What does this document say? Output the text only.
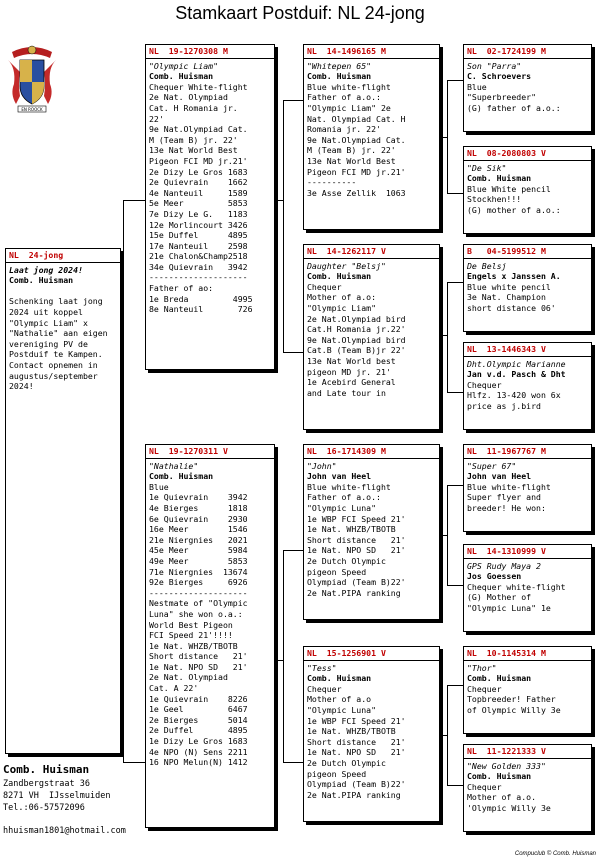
Stamkaart Postduif: NL 24-jong
EN ROOCK
NL  24-jong
Laat jong 2024!
Comb. Huisman

Schenking laat jong
2024 uit koppel
"Olympic Liam" x
"Nathalie" aan eigen
vereniging PV de
Postduif te Kampen.
Contact opnemen in
augustus/september
2024!
NL  19-1270308 M
"Olympic Liam"
Comb. Huisman
Chequer White-flight
2e Nat. Olympiad
Cat. H Romania jr.
22'
9e Nat.Olympiad Cat.
M (Team B) jr. 22'
13e Nat World Best
Pigeon FCI MD jr.21'
2e Dizy Le Gros 1683
2e Quievrain    1662
4e Nanteuil     1589
5e Meer         5853
7e Dizy Le G.   1183
12e Morlincourt 3426
15e Duffel      4895
17e Nanteuil    2598
21e Chalon&Champ2518
34e Quievrain   3942
--------------------
Father of ao:
1e Breda         4995
8e Nanteuil       726
NL  19-1270311 V
"Nathalie"
Comb. Huisman
Blue
1e Quievrain    3942
4e Bierges      1818
6e Quievrain    2930
16e Meer        1546
21e Niergnies   2021
45e Meer        5984
49e Meer        5853
71e Niergnies  13674
92e Bierges     6926
--------------------
Nestmate of "Olympic
Luna" she won o.a.:
World Best Pigeon
FCI Speed 21'!!!!
1e Nat. WHZB/TBOTB
Short distance   21'
1e Nat. NPO SD   21'
2e Nat. Olympiad
Cat. A 22'
1e Quievrain    8226
1e Geel         6467
2e Bierges      5014
2e Duffel       4895
1e Dizy Le Gros 1683
4e NPO (N) Sens 2211
16 NPO Melun(N) 1412
NL  14-1496165 M
"Whitepen 65"
Comb. Huisman
Blue white-flight
Father of a.o.:
"Olympic Liam" 2e
Nat. Olympiad Cat. H
Romania jr. 22'
9e Nat.Olympiad Cat.
M (Team B) jr. 22'
13e Nat World Best
Pigeon FCI MD jr.21'
----------
3e Asse Zellik  1063
NL  14-1262117 V
Daughter "Belsj"
Comb. Huisman
Chequer
Mother of a.o:
"Olympic Liam"
2e Nat.Olympiad bird
Cat.H Romania jr.22'
9e Nat.Olympiad bird
Cat.B (Team B)jr 22'
13e Nat World best
pigeon MD jr. 21'
1e Acebird General
and Late tour in
NL  16-1714309 M
"John"
John van Heel
Blue white-flight
Father of a.o.:
"Olympic Luna"
1e WBP FCI Speed 21'
1e Nat. WHZB/TBOTB
Short distance   21'
1e Nat. NPO SD   21'
2e Dutch Olympic
pigeon Speed
Olympiad (Team B)22'
2e Nat.PIPA ranking
NL  15-1256901 V
"Tess"
Comb. Huisman
Chequer
Mother of a.o
"Olympic Luna"
1e WBP FCI Speed 21'
1e Nat. WHZB/TBOTB
Short distance   21'
1e Nat. NPO SD   21'
2e Dutch Olympic
pigeon Speed
Olympiad (Team B)22'
2e Nat.PIPA ranking
NL  02-1724199 M
Son "Parra"
C. Schroevers
Blue
"Superbreeder"
(G) father of a.o.:
NL  08-2080803 V
"De Sik"
Comb. Huisman
Blue White pencil
Stockhen!!!
(G) mother of a.o.:
B   04-5199512 M
De Belsj
Engels x Janssen A.
Blue white pencil
3e Nat. Champion
short distance 06'
NL  13-1446343 V
Dht.Olympic Marianne
Jan v.d. Pasch & Dht
Chequer
Hlfz. 13-420 won 6x
price as j.bird
NL  11-1967767 M
"Super 67"
John van Heel
Blue white-flight
Super flyer and
breeder! He won:
NL  14-1310999 V
GPS Rudy Maya 2
Jos Goessen
Chequer white-flight
(G) Mother of
"Olympic Luna" 1e
NL  10-1145314 M
"Thor"
Comb. Huisman
Chequer
Topbreeder! Father
of Olympic Willy 3e
NL  11-1221333 V
"New Golden 333"
Comb. Huisman
Chequer
Mother of a.o.
'Olympic Willy 3e
Comb. Huisman
Zandbergstraat 36
8271 VH  IJsselmuiden
Tel.:06-57572096
hhuisman1801@hotmail.com
Compuclub © Comb. Huisman
